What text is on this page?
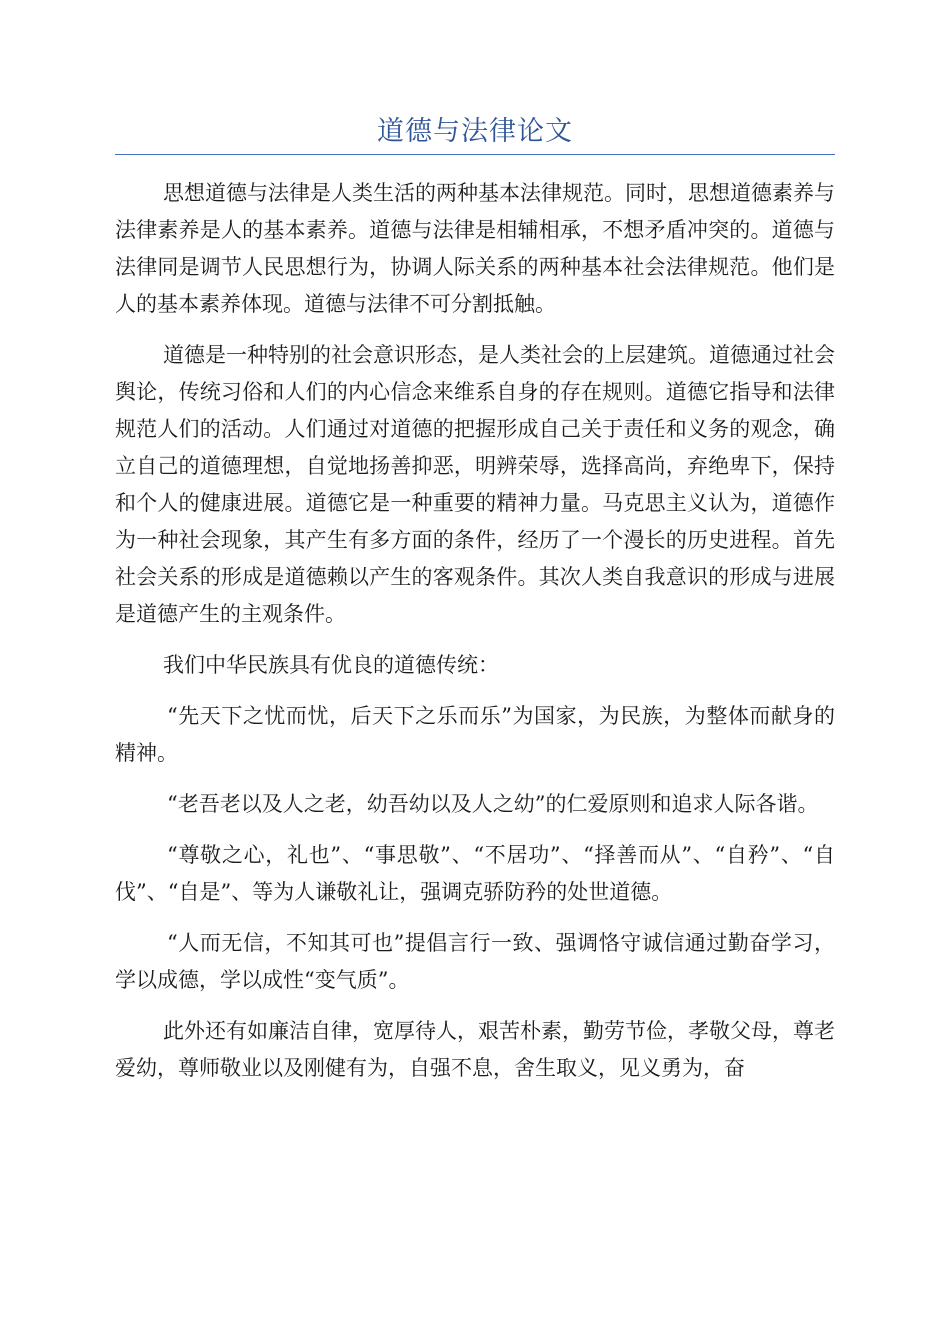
道德与法律论文

思想道德与法律是人类生活的两种基本法律规范。同时，思想道德素养与法律素养是人的基本素养。道德与法律是相辅相承，不想矛盾冲突的。道德与法律同是调节人民思想行为，协调人际关系的两种基本社会法律规范。他们是人的基本素养体现。道德与法律不可分割抵触。

道德是一种特别的社会意识形态，是人类社会的上层建筑。道德通过社会舆论，传统习俗和人们的内心信念来维系自身的存在规则。道德它指导和法律规范人们的活动。人们通过对道德的把握形成自己关于责任和义务的观念，确立自己的道德理想，自觉地扬善抑恶，明辨荣辱，选择高尚，弃绝卑下，保持和个人的健康进展。道德它是一种重要的精神力量。马克思主义认为，道德作为一种社会现象，其产生有多方面的条件，经历了一个漫长的历史进程。首先社会关系的形成是道德赖以产生的客观条件。其次人类自我意识的形成与进展是道德产生的主观条件。

我们中华民族具有优良的道德传统：

“先天下之忧而忧，后天下之乐而乐”为国家，为民族，为整体而献身的精神。

“老吾老以及人之老，幼吾幼以及人之幼”的仁爱原则和追求人际各谐。

“尊敬之心，礼也”、“事思敬”、“不居功”、“择善而从”、“自矜”、“自伐”、“自是”、等为人谦敬礼让，强调克骄防矜的处世道德。

“人而无信，不知其可也”提倡言行一致、强调恪守诚信通过勤奋学习，学以成德，学以成性“变气质”。

此外还有如廉洁自律，宽厚待人，艰苦朴素，勤劳节俭，孝敬父母，尊老爱幼，尊师敬业以及刚健有为，自强不息，舍生取义，见义勇为，奋
